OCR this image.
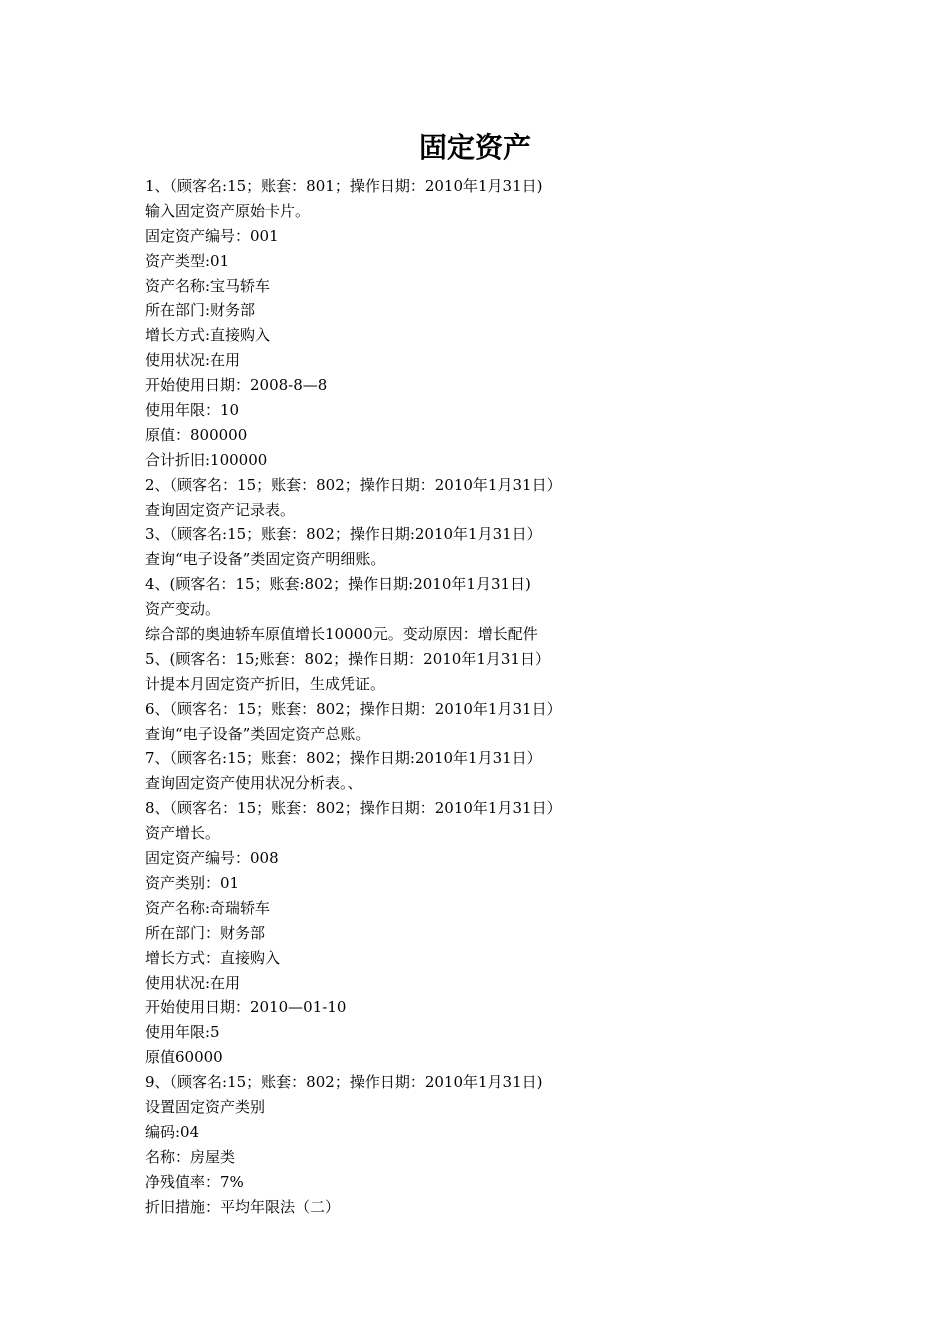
固定资产

1、（顾客名:15；账套：801；操作日期：2010年1月31日)

输入固定资产原始卡片。

固定资产编号：001

资产类型:01

资产名称:宝马轿车

所在部门:财务部

增长方式:直接购入

使用状况:在用

开始使用日期：2008-8—8

使用年限：10

原值：800000

合计折旧:100000

2、（顾客名：15；账套：802；操作日期：2010年1月31日）

查询固定资产记录表。

3、（顾客名:15；账套：802；操作日期:2010年1月31日）

查询“电子设备”类固定资产明细账。

4、(顾客名：15；账套:802；操作日期:2010年1月31日)

资产变动。

综合部的奥迪轿车原值增长10000元。变动原因：增长配件

5、(顾客名：15;账套：802；操作日期：2010年1月31日）

计提本月固定资产折旧，生成凭证。

6、（顾客名：15；账套：802；操作日期：2010年1月31日）

查询“电子设备”类固定资产总账。

7、（顾客名:15；账套：802；操作日期:2010年1月31日）

查询固定资产使用状况分析表。、

8、（顾客名：15；账套：802；操作日期：2010年1月31日）

资产增长。

固定资产编号：008

资产类别：01

资产名称:奇瑞轿车

所在部门：财务部

增长方式：直接购入

使用状况:在用

开始使用日期：2010—01-10

使用年限:5

原值60000

9、（顾客名:15；账套：802；操作日期：2010年1月31日)

设置固定资产类别

编码:04

名称：房屋类

净残值率：7%

折旧措施：平均年限法（二）
